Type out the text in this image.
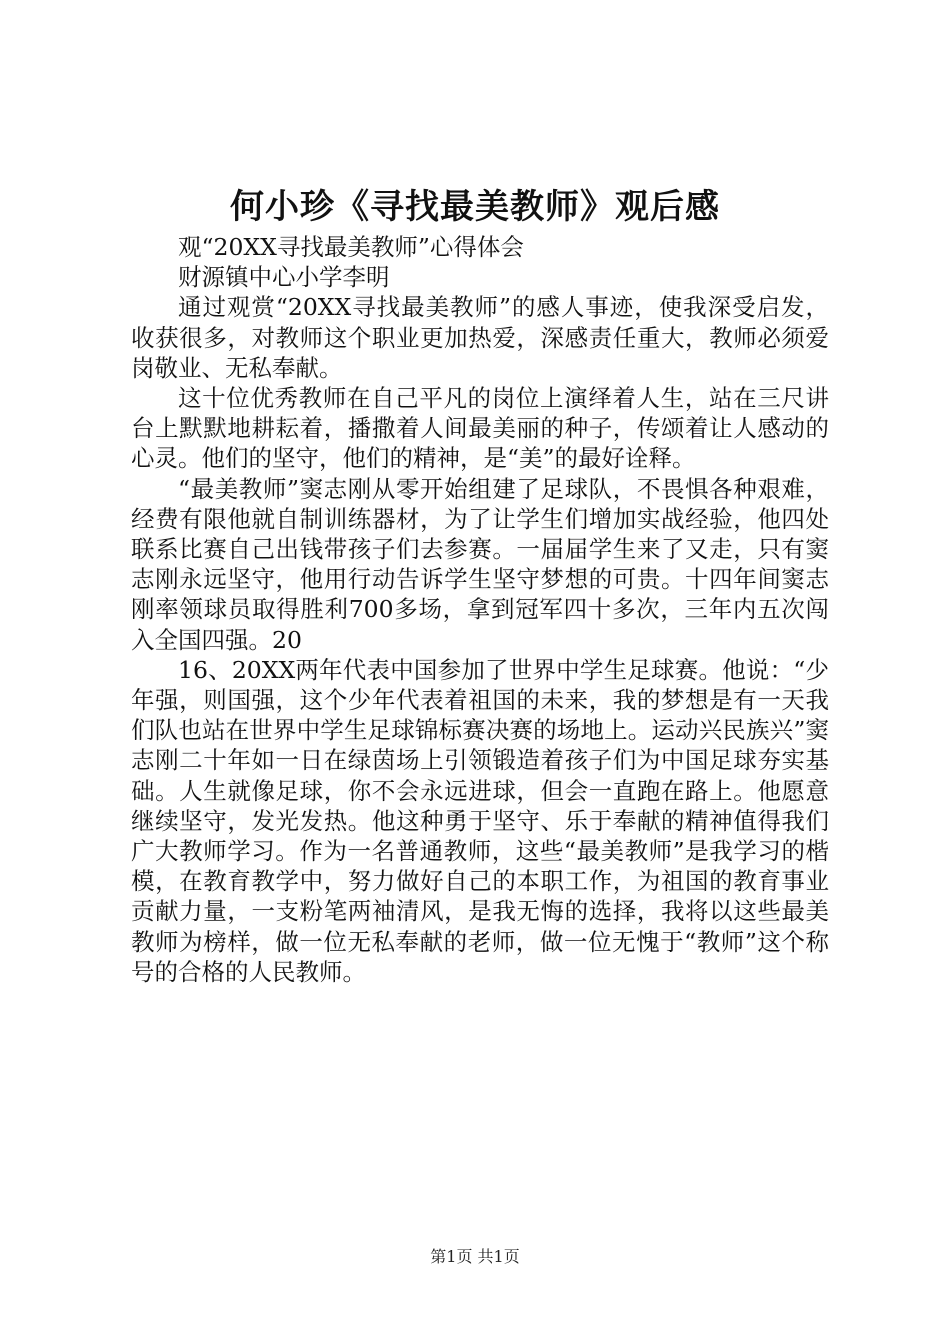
何小珍《寻找最美教师》观后感

观“20XX寻找最美教师”心得体会

财源镇中心小学李明

通过观赏“20XX寻找最美教师”的感人事迹，使我深受启发，收获很多，对教师这个职业更加热爱，深感责任重大，教师必须爱岗敬业、无私奉献。

这十位优秀教师在自己平凡的岗位上演绎着人生，站在三尺讲台上默默地耕耘着，播撒着人间最美丽的种子，传颂着让人感动的心灵。他们的坚守，他们的精神，是“美”的最好诠释。

“最美教师”窦志刚从零开始组建了足球队，不畏惧各种艰难，经费有限他就自制训练器材，为了让学生们增加实战经验，他四处联系比赛自己出钱带孩子们去参赛。一届届学生来了又走，只有窦志刚永远坚守，他用行动告诉学生坚守梦想的可贵。十四年间窦志刚率领球员取得胜利700多场，拿到冠军四十多次，三年内五次闯入全国四强。20

16、20XX两年代表中国参加了世界中学生足球赛。他说：“少年强，则国强，这个少年代表着祖国的未来，我的梦想是有一天我们队也站在世界中学生足球锦标赛决赛的场地上。运动兴民族兴”窦志刚二十年如一日在绿茵场上引领锻造着孩子们为中国足球夯实基础。人生就像足球，你不会永远进球，但会一直跑在路上。他愿意继续坚守，发光发热。他这种勇于坚守、乐于奉献的精神值得我们广大教师学习。作为一名普通教师，这些“最美教师”是我学习的楷模，在教育教学中，努力做好自己的本职工作，为祖国的教育事业贡献力量，一支粉笔两袖清风，是我无悔的选择，我将以这些最美教师为榜样，做一位无私奉献的老师，做一位无愧于“教师”这个称号的合格的人民教师。

第1页 共1页
